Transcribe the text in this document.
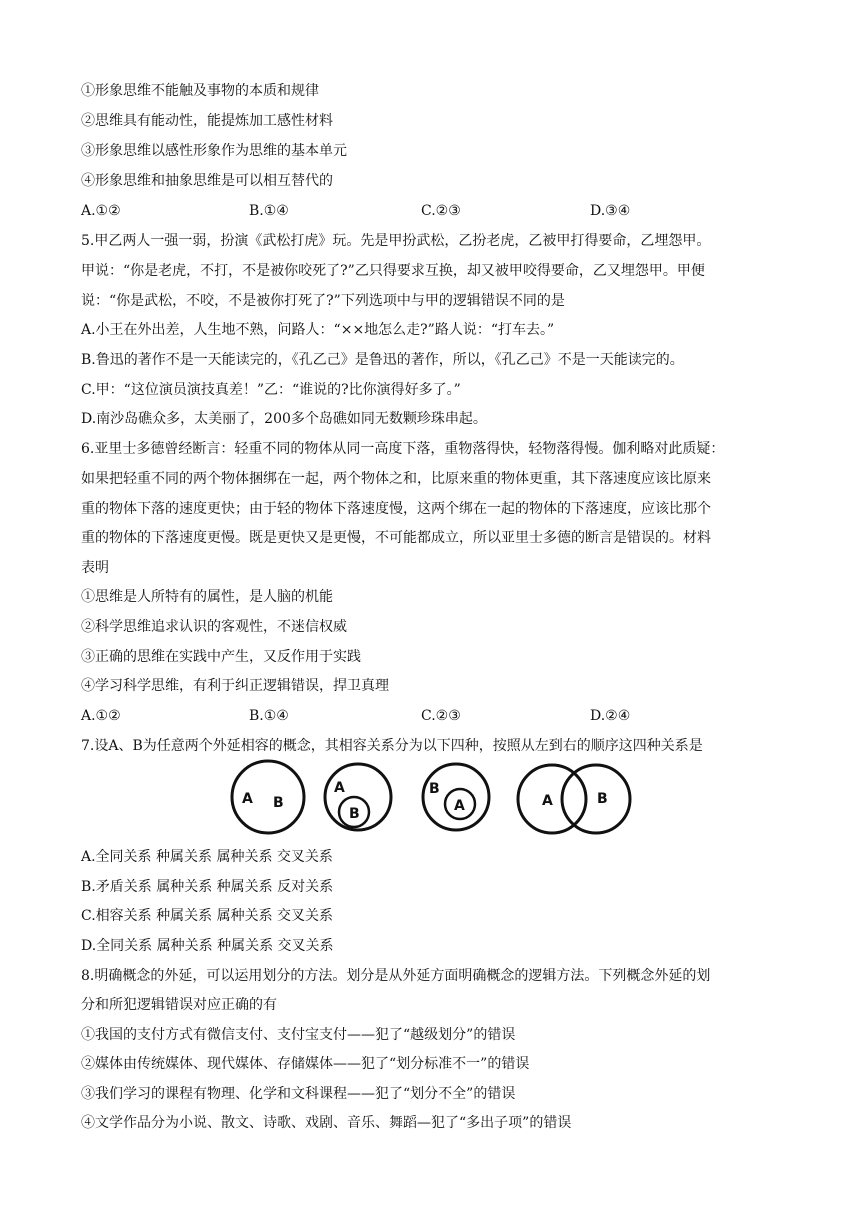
①形象思维不能触及事物的本质和规律
②思维具有能动性，能提炼加工感性材料
③形象思维以感性形象作为思维的基本单元
④形象思维和抽象思维是可以相互替代的
A.①②	B.①④	C.②③	D.③④
5.甲乙两人一强一弱，扮演《武松打虎》玩。先是甲扮武松，乙扮老虎，乙被甲打得要命，乙埋怨甲。
甲说：“你是老虎，不打，不是被你咬死了?”乙只得要求互换，却又被甲咬得要命，乙又埋怨甲。甲便
说：“你是武松，不咬，不是被你打死了?”下列选项中与甲的逻辑错误不同的是
A.小王在外出差，人生地不熟，问路人：“××地怎么走?”路人说：“打车去。”
B.鲁迅的著作不是一天能读完的，《孔乙己》是鲁迅的著作，所以，《孔乙己》不是一天能读完的。
C.甲：“这位演员演技真差！”乙：“谁说的?比你演得好多了。”
D.南沙岛礁众多，太美丽了，200多个岛礁如同无数颗珍珠串起。
6.亚里士多德曾经断言：轻重不同的物体从同一高度下落，重物落得快，轻物落得慢。伽利略对此质疑：
如果把轻重不同的两个物体捆绑在一起，两个物体之和，比原来重的物体更重，其下落速度应该比原来
重的物体下落的速度更快；由于轻的物体下落速度慢，这两个绑在一起的物体的下落速度，应该比那个
重的物体的下落速度更慢。既是更快又是更慢，不可能都成立，所以亚里士多德的断言是错误的。材料
表明
①思维是人所特有的属性，是人脑的机能
②科学思维追求认识的客观性，不迷信权威
③正确的思维在实践中产生，又反作用于实践
④学习科学思维，有利于纠正逻辑错误，捍卫真理
A.①②	B.①④	C.②③	D.②④
7.设A、B为任意两个外延相容的概念，其相容关系分为以下四种，按照从左到右的顺序这四种关系是
A B
A
B
B
A	A	B
A.全同关系 种属关系 属种关系 交叉关系
B.矛盾关系 属种关系 种属关系 反对关系
C.相容关系 种属关系 属种关系 交叉关系
D.全同关系 属种关系 种属关系 交叉关系
8.明确概念的外延，可以运用划分的方法。划分是从外延方面明确概念的逻辑方法。下列概念外延的划
分和所犯逻辑错误对应正确的有
①我国的支付方式有微信支付、支付宝支付——犯了“越级划分”的错误
②媒体由传统媒体、现代媒体、存储媒体——犯了“划分标准不一”的错误
③我们学习的课程有物理、化学和文科课程——犯了“划分不全”的错误
④文学作品分为小说、散文、诗歌、戏剧、音乐、舞蹈—犯了“多出子项”的错误
